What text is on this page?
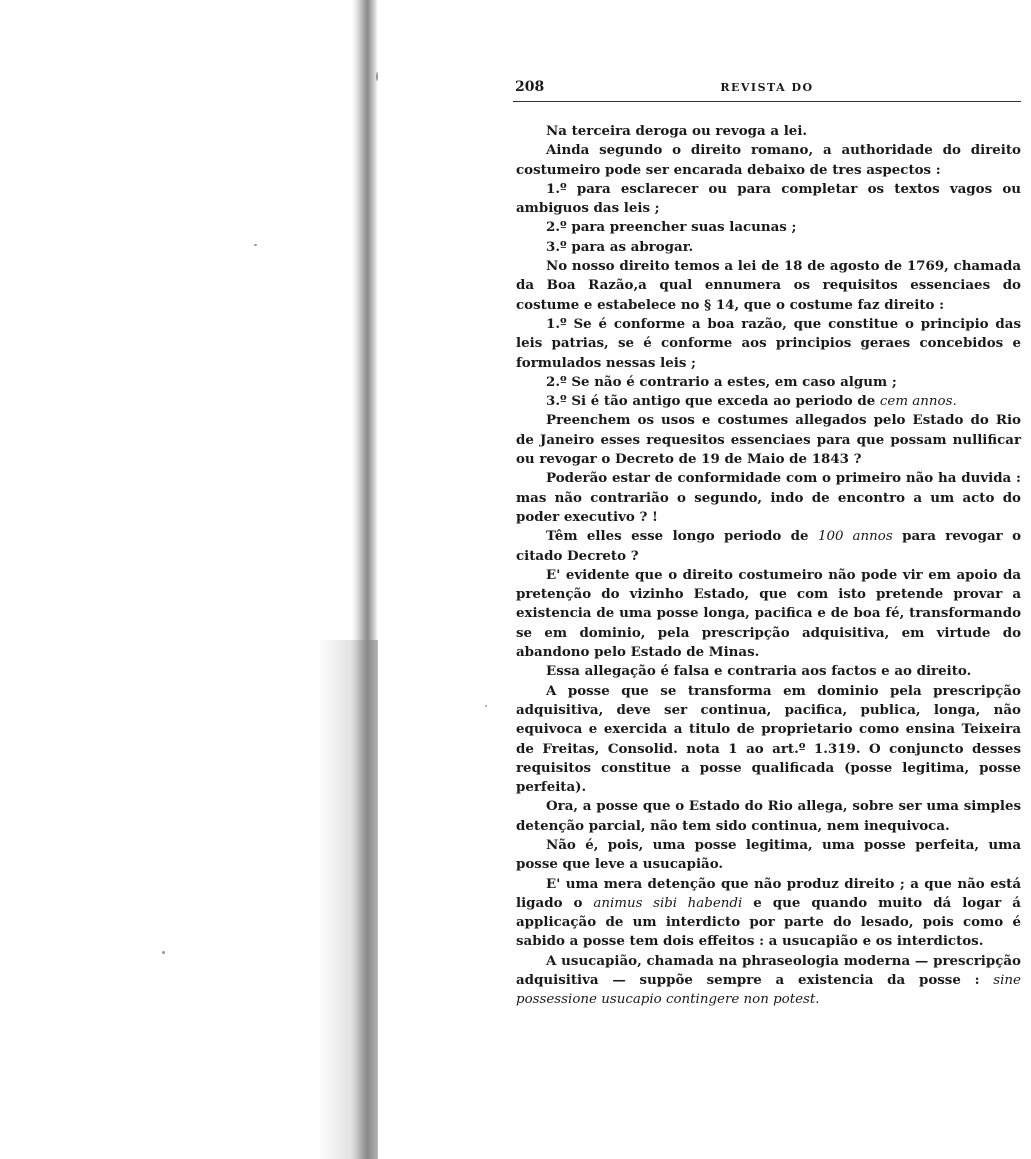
208	REVISTA DO

Na terceira deroga ou revoga a lei.

Ainda segundo o direito romano, a authoridade do direito costumeiro pode ser encarada debaixo de tres aspectos :

1.º para esclarecer ou para completar os textos vagos ou ambiguos das leis ;

2.º para preencher suas lacunas ;

3.º para as abrogar.

No nosso direito temos a lei de 18 de agosto de 1769, chamada da Boa Razão,a qual ennumera os requisitos essenciaes do costume e estabelece no § 14, que o costume faz direito :

1.º Se é conforme a boa razão, que constitue o principio das leis patrias, se é conforme aos principios geraes concebidos e formulados nessas leis ;

2.º Se não é contrario a estes, em caso algum ;

3.º Si é tão antigo que exceda ao periodo de cem annos.

Preenchem os usos e costumes allegados pelo Estado do Rio de Janeiro esses requesitos essenciaes para que possam nullificar ou revogar o Decreto de 19 de Maio de 1843 ?

Poderão estar de conformidade com o primeiro não ha duvida : mas não contrarião o segundo, indo de encontro a um acto do poder executivo ? !

Têm elles esse longo periodo de 100 annos para revogar o citado Decreto ?

E' evidente que o direito costumeiro não pode vir em apoio da pretenção do vizinho Estado, que com isto pretende provar a existencia de uma posse longa, pacifica e de boa fé, transformando se em dominio, pela prescripção adquisitiva, em virtude do abandono pelo Estado de Minas.

Essa allegação é falsa e contraria aos factos e ao direito.

A posse que se transforma em dominio pela prescripção adquisitiva, deve ser continua, pacifica, publica, longa, não equivoca e exercida a titulo de proprietario como ensina Teixeira de Freitas, Consolid. nota 1 ao art.º 1.319. O conjuncto desses requisitos constitue a posse qualificada (posse legitima, posse perfeita).

Ora, a posse que o Estado do Rio allega, sobre ser uma simples detenção parcial, não tem sido continua, nem inequivoca.

Não é, pois, uma posse legitima, uma posse perfeita, uma posse que leve a usucapião.

E' uma mera detenção que não produz direito ; a que não está ligado o animus sibi habendi e que quando muito dá logar á applicação de um interdicto por parte do lesado, pois como é sabido a posse tem dois effeitos : a usucapião e os interdictos.

A usucapião, chamada na phraseologia moderna — prescripção adquisitiva — suppõe sempre a existencia da posse : sine possessione usucapio contingere non potest.
